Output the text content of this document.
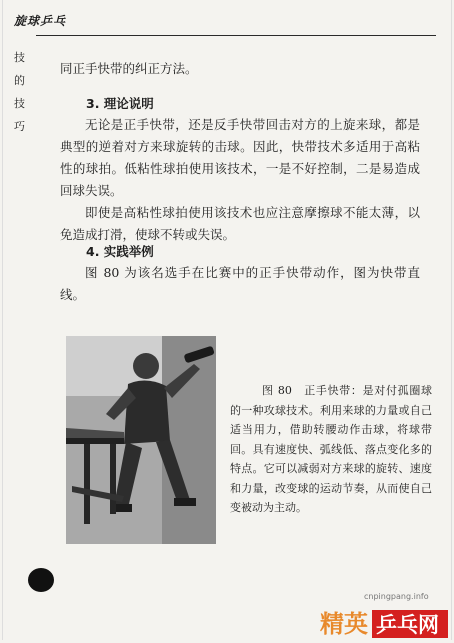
旋球乒乓
技的技巧

同正手快带的纠正方法。

3. 理论说明

无论是正手快带，还是反手快带回击对方的上旋来球，都是典型的逆着对方来球旋转的击球。因此，快带技术多适用于高粘性的球拍。低粘性球拍使用该技术，一是不好控制，二是易造成回球失误。

即使是高粘性球拍使用该技术也应注意摩擦球不能太薄，以免造成打滑，使球不转或失误。

4. 实践举例

图 80 为该名选手在比赛中的正手快带动作，图为快带直线。

图 80　正手快带：是对付孤圈球的一种攻球技术。利用来球的力量或自己适当用力，借助转腰动作击球，将球带回。具有速度快、弧线低、落点变化多的特点。它可以减弱对方来球的旋转、速度和力量，改变球的运动节奏，从而使自己变被动为主动。

cnpingpang.info
精英 乒乓网
